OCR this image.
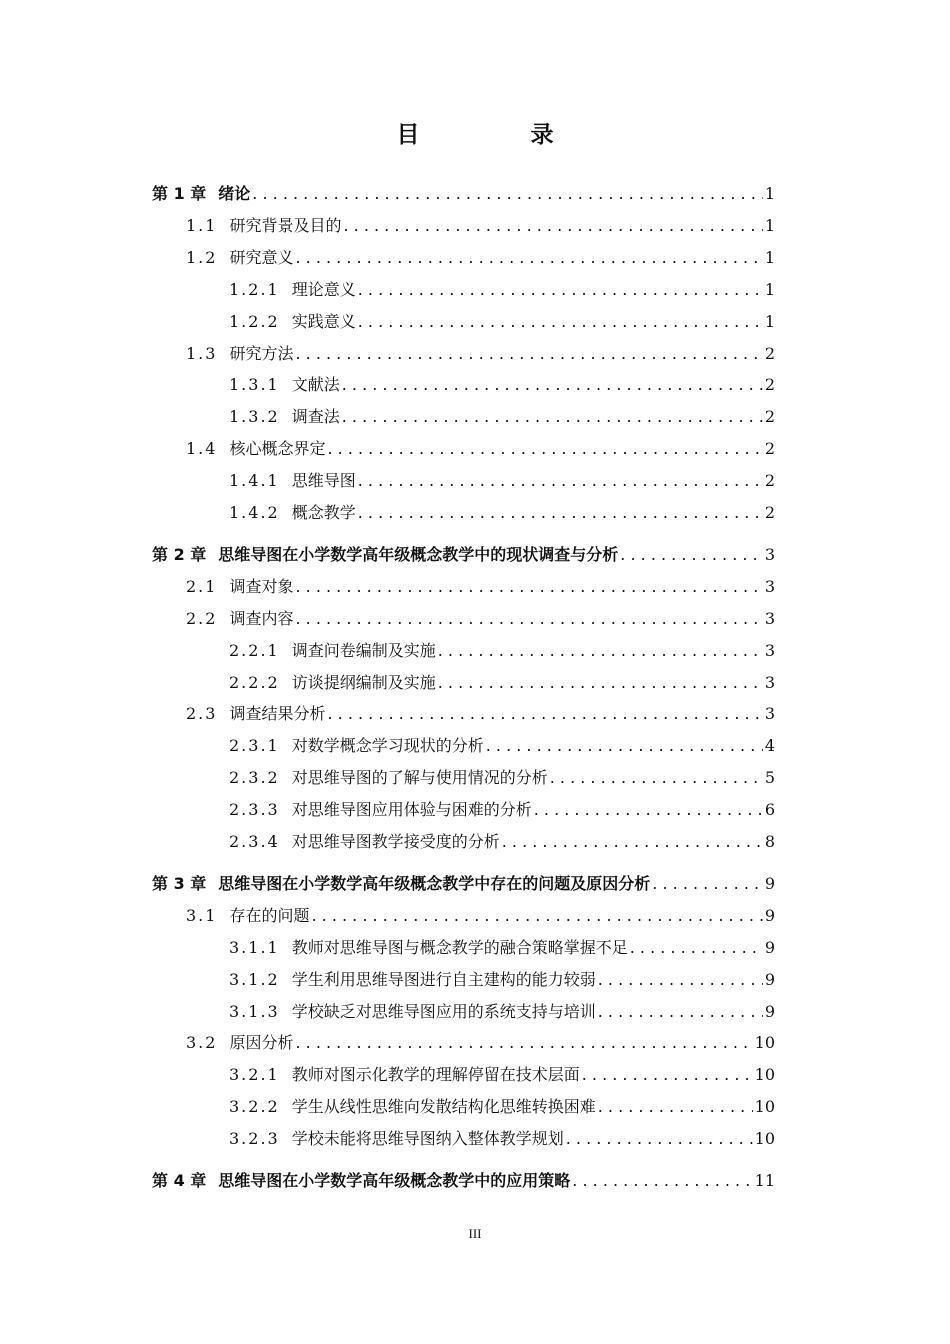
目　录
第 1 章 绪论 . . .	1
1.1 研究背景及目的 . . .	1
1.2 研究意义 . . .	1
1.2.1 理论意义 . . .	1
1.2.2 实践意义 . . .	1
1.3 研究方法 . . .	2
1.3.1 文献法 . . .	2
1.3.2 调查法 . . .	2
1.4 核心概念界定 . . .	2
1.4.1 思维导图 . . .	2
1.4.2 概念教学 . . .	2
第 2 章 思维导图在小学数学高年级概念教学中的现状调查与分析 . . .	3
2.1 调查对象 . . .	3
2.2 调查内容 . . .	3
2.2.1 调查问卷编制及实施 . . .	3
2.2.2 访谈提纲编制及实施 . . .	3
2.3 调查结果分析 . . .	3
2.3.1 对数学概念学习现状的分析 . . .	4
2.3.2 对思维导图的了解与使用情况的分析 . . .	5
2.3.3 对思维导图应用体验与困难的分析 . . .	6
2.3.4 对思维导图教学接受度的分析 . . .	8
第 3 章 思维导图在小学数学高年级概念教学中存在的问题及原因分析 . . .	9
3.1 存在的问题 . . .	9
3.1.1 教师对思维导图与概念教学的融合策略掌握不足 . . .	9
3.1.2 学生利用思维导图进行自主建构的能力较弱 . . .	9
3.1.3 学校缺乏对思维导图应用的系统支持与培训 . . .	9
3.2 原因分析 . . .	10
3.2.1 教师对图示化教学的理解停留在技术层面 . . .	10
3.2.2 学生从线性思维向发散结构化思维转换困难 . . .	10
3.2.3 学校未能将思维导图纳入整体教学规划 . . .	10
第 4 章 思维导图在小学数学高年级概念教学中的应用策略 . . .	11
III
